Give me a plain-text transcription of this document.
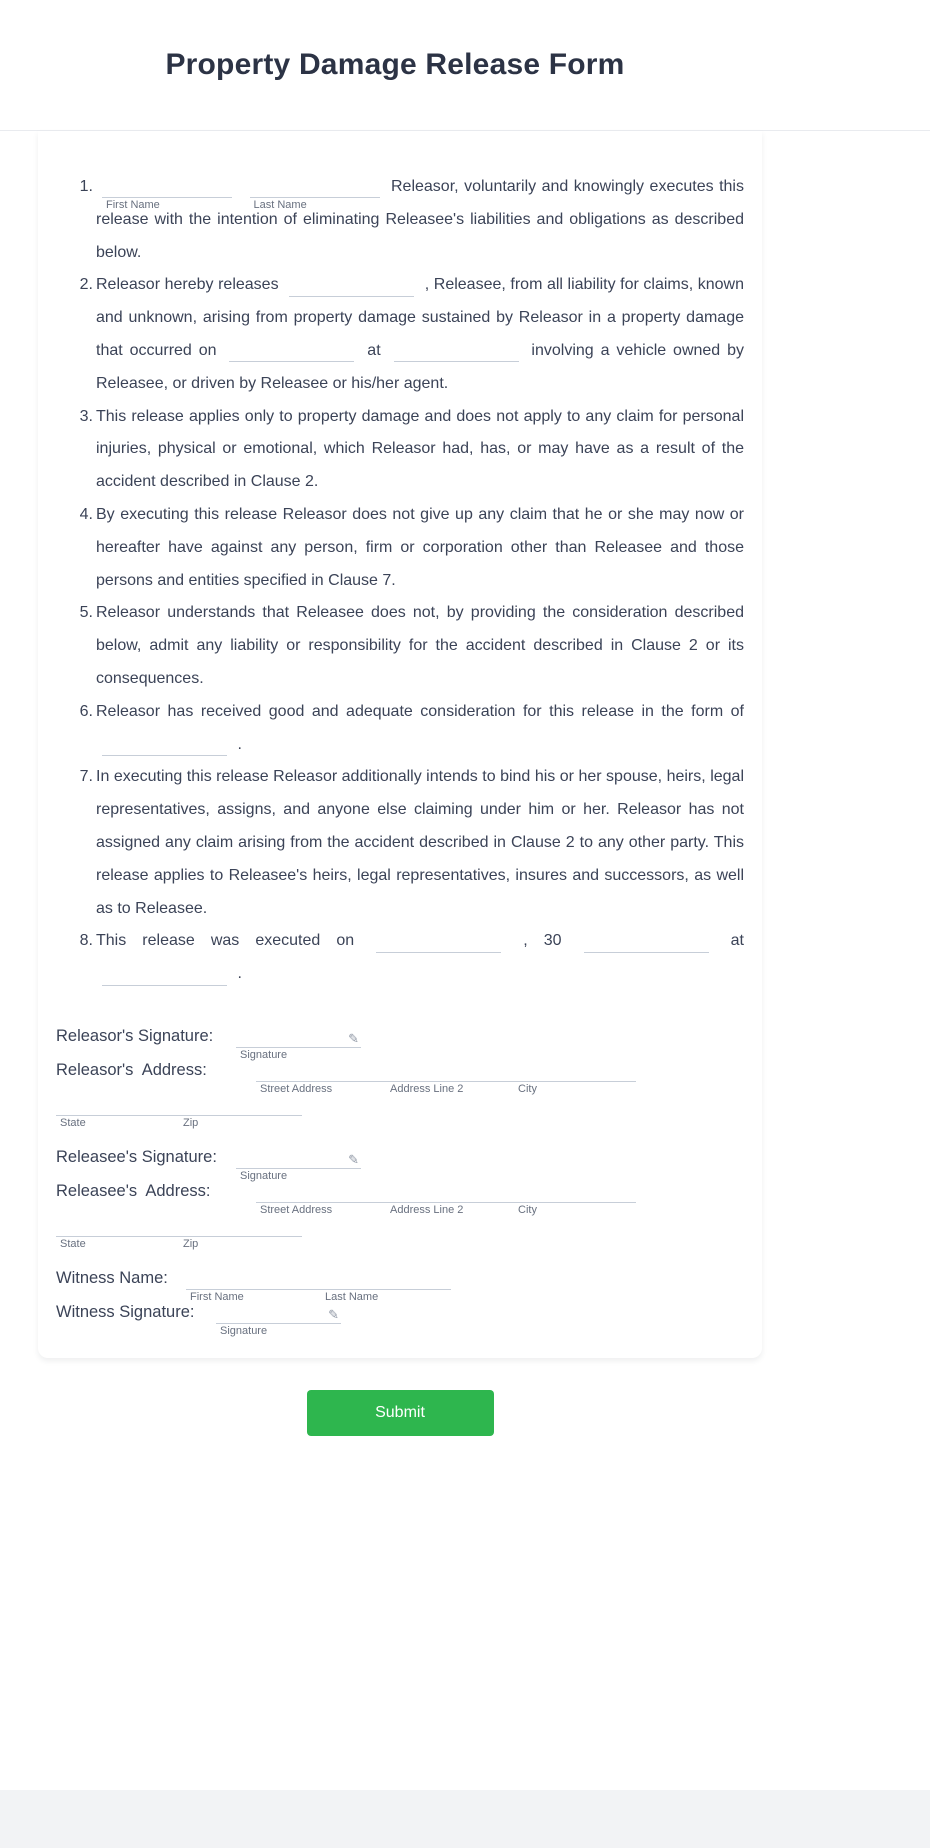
Property Damage Release Form
1.
First Name
	Last Name
Releasor, voluntarily and knowingly executes this release with the intention of eliminating Releasee's liabilities and obligations as described below.
2. Releasor hereby releases	, Releasee, from all liability for claims, known and unknown, arising from property damage sustained by Releasor in a property damage that occurred on	at	involving a vehicle owned by Releasee, or driven by Releasee or his/her agent.
3. This release applies only to property damage and does not apply to any claim for personal injuries, physical or emotional, which Releasor had, has, or may have as a result of the accident described in Clause 2.
4. By executing this release Releasor does not give up any claim that he or she may now or hereafter have against any person, firm or corporation other than Releasee and those persons and entities specified in Clause 7.
5. Releasor understands that Releasee does not, by providing the consideration described below, admit any liability or responsibility for the accident described in Clause 2 or its consequences.
6. Releasor has received good and adequate consideration for this release in the form of
.
7. In executing this release Releasor additionally intends to bind his or her spouse, heirs, legal representatives, assigns, and anyone else claiming under him or her. Releasor has not assigned any claim arising from the accident described in Clause 2 to any other party. This release applies to Releasee's heirs, legal representatives, insures and successors, as well as to Releasee.
8. This release was executed on	, 30	at
.
Releasor's Signature:	✎
Signature
Releasor's  Address:
Street Address	Address Line 2	City
State	Zip
Releasee's Signature:	✎
Signature
Releasee's  Address:
Street Address	Address Line 2	City
State	Zip
Witness Name:
First Name	Last Name
Witness Signature:	✎
Signature
Submit
